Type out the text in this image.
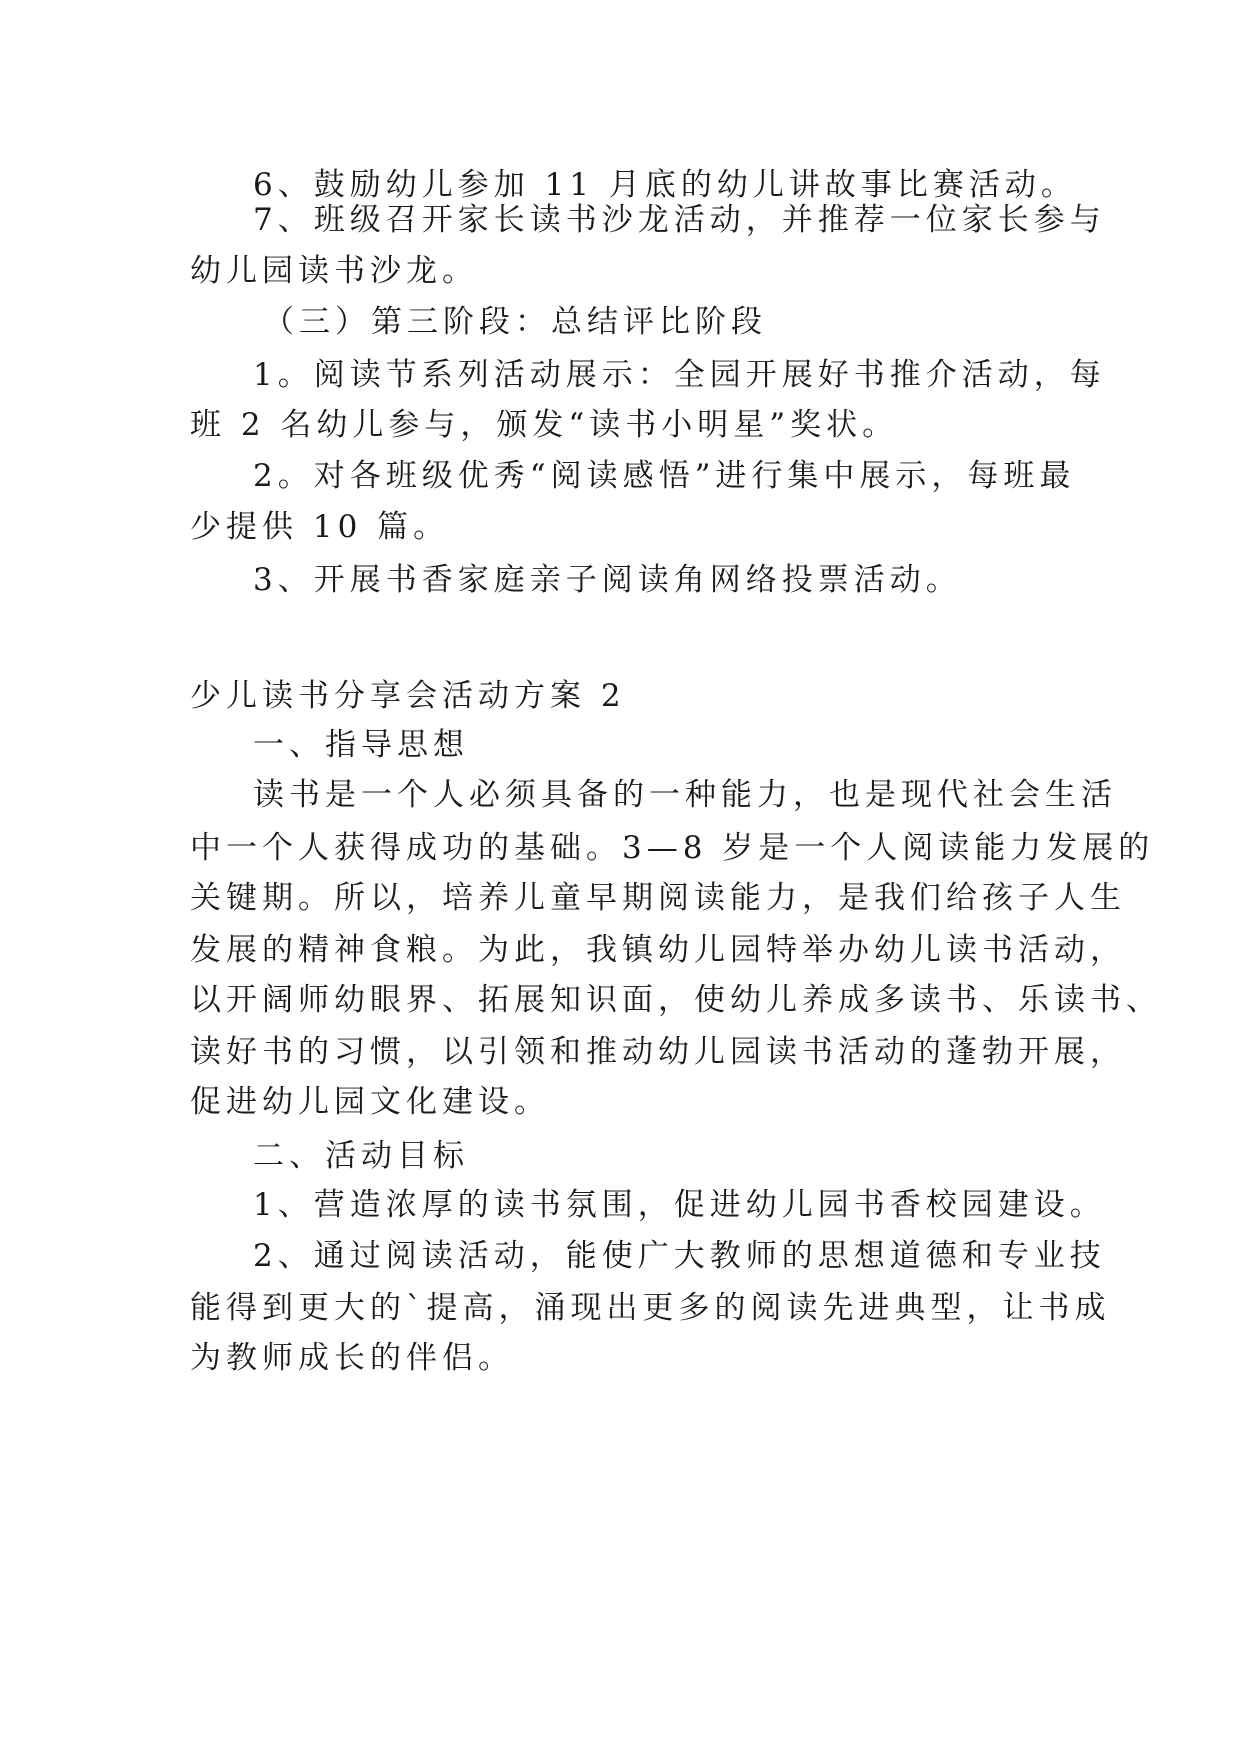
6、鼓励幼儿参加 11 月底的幼儿讲故事比赛活动。
7、班级召开家长读书沙龙活动，并推荐一位家长参与
幼儿园读书沙龙。
（三）第三阶段：总结评比阶段
1。阅读节系列活动展示：全园开展好书推介活动，每
班 2 名幼儿参与，颁发“读书小明星”奖状。
2。对各班级优秀“阅读感悟”进行集中展示，每班最
少提供 10 篇。
3、开展书香家庭亲子阅读角网络投票活动。
少儿读书分享会活动方案 2
一、指导思想
读书是一个人必须具备的一种能力，也是现代社会生活
中一个人获得成功的基础。3—8 岁是一个人阅读能力发展的
关键期。所以，培养儿童早期阅读能力，是我们给孩子人生
发展的精神食粮。为此，我镇幼儿园特举办幼儿读书活动，
以开阔师幼眼界、拓展知识面，使幼儿养成多读书、乐读书、
读好书的习惯，以引领和推动幼儿园读书活动的蓬勃开展，
促进幼儿园文化建设。
二、活动目标
1、营造浓厚的读书氛围，促进幼儿园书香校园建设。
2、通过阅读活动，能使广大教师的思想道德和专业技
能得到更大的`提高，涌现出更多的阅读先进典型，让书成
为教师成长的伴侣。
